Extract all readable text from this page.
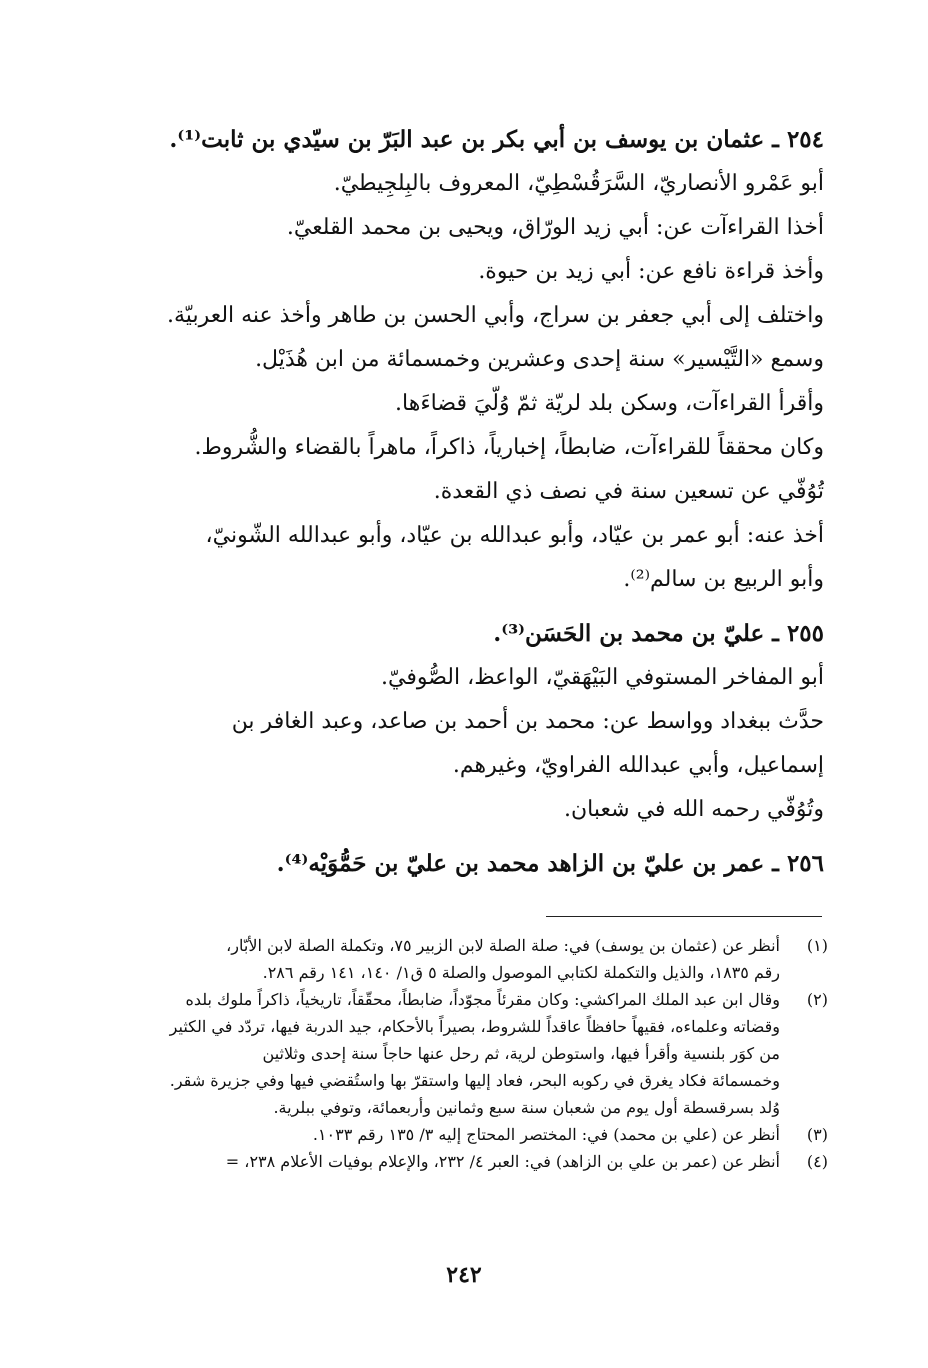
٢٥٤ ـ عثمان بن يوسف بن أبي بكر بن عبد البَرّ بن سيّدي بن ثابت⁽¹⁾.
أبو عَمْرو الأنصاريّ، السَّرَقُسْطِيّ، المعروف بالبِلجِيطيّ.
أخذا القراءآت عن: أبي زيد الورّاق، ويحيى بن محمد القلعيّ.
وأخذ قراءة نافع عن: أبي زيد بن حيوة.
واختلف إلى أبي جعفر بن سراج، وأبي الحسن بن طاهر وأخذ عنه العربيّة.
وسمع «التَّيْسير» سنة إحدى وعشرين وخمسمائة من ابن هُذَيْل.
وأقرأ القراءآت، وسكن بلد لريّة ثمّ وُلّيَ قضاءَها.
وكان محققاً للقراءآت، ضابطاً، إخبارياً، ذاكراً، ماهراً بالقضاء والشُّروط.
تُوُفّي عن تسعين سنة في نصف ذي القعدة.
أخذ عنه: أبو عمر بن عيّاد، وأبو عبدالله بن عيّاد، وأبو عبدالله الشّونيّ،
وأبو الربيع بن سالم⁽²⁾.
٢٥٥ ـ عليّ بن محمد بن الحَسَن⁽³⁾.
أبو المفاخر المستوفي البَيْهَقيّ، الواعظ، الصُّوفيّ.
حدَّث ببغداد وواسط عن: محمد بن أحمد بن صاعد، وعبد الغافر بن
إسماعيل، وأبي عبدالله الفراويّ، وغيرهم.
وتُوُفّي رحمه الله في شعبان.
٢٥٦ ـ عمر بن عليّ بن الزاهد محمد بن عليّ بن حَمُّوَيْه⁽⁴⁾.
(١)
أنظر عن (عثمان بن يوسف) في: صلة الصلة لابن الزبير ٧٥، وتكملة الصلة لابن الأبّار،
رقم ١٨٣٥، والذيل والتكملة لكتابي الموصول والصلة ٥ ق١/ ١٤٠، ١٤١ رقم ٢٨٦.
(٢)
وقال ابن عبد الملك المراكشي: وكان مقرئاً مجوّداً، ضابطاً، محقّقاً، تاريخياً، ذاكراً ملوك بلده
وقضاته وعلماءه، فقيهاً حافظاً عاقداً للشروط، بصيراً بالأحكام، جيد الدربة فيها، تردّد في الكثير
من كوَر بلنسية وأقرأ فيها، واستوطن لرية، ثم رحل عنها حاجاً سنة إحدى وثلاثين
وخمسمائة فكاد يغرق في ركوبه البحر، فعاد إليها واستقرّ بها واستُقضي فيها وفي جزيرة شقر.
وُلد بسرقسطة أول يوم من شعبان سنة سبع وثمانين وأربعمائة، وتوفي ببلرية.
(٣)
أنظر عن (علي بن محمد) في: المختصر المحتاج إليه ٣/ ١٣٥ رقم ١٠٣٣.
(٤)
أنظر عن (عمر بن علي بن الزاهد) في: العبر ٤/ ٢٣٢، والإعلام بوفيات الأعلام ٢٣٨، =
٢٤٢
